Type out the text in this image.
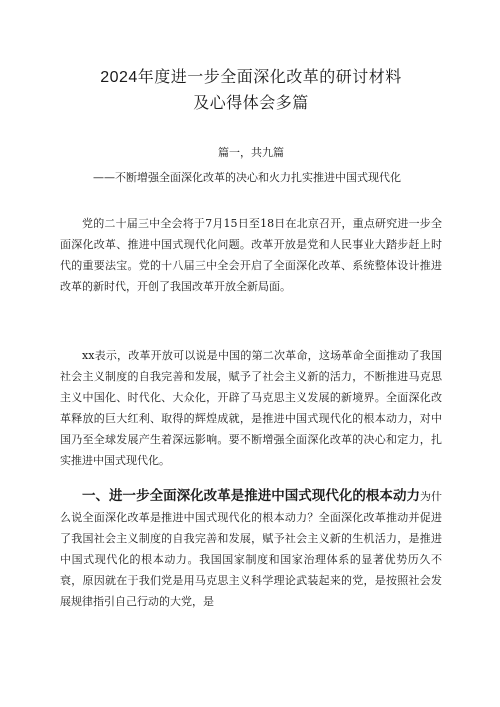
2024年度进一步全面深化改革的研讨材料
及心得体会多篇
篇一，共九篇
——不断增强全面深化改革的决心和火力扎实推进中国式现代化

党的二十届三中全会将于7月15日至18日在北京召开，重点研究进一步全面深化改革、推进中国式现代化问题。改革开放是党和人民事业大踏步赶上时代的重要法宝。党的十八届三中全会开启了全面深化改革、系统整体设计推进改革的新时代，开创了我国改革开放全新局面。

xx表示，改革开放可以说是中国的第二次革命，这场革命全面推动了我国社会主义制度的自我完善和发展，赋予了社会主义新的活力，不断推进马克思主义中国化、时代化、大众化，开辟了马克思主义发展的新境界。全面深化改革释放的巨大红利、取得的辉煌成就，是推进中国式现代化的根本动力，对中国乃至全球发展产生着深远影响。要不断增强全面深化改革的决心和定力，扎实推进中国式现代化。

一、进一步全面深化改革是推进中国式现代化的根本动力为什么说全面深化改革是推进中国式现代化的根本动力？全面深化改革推动并促进了我国社会主义制度的自我完善和发展，赋予社会主义新的生机活力，是推进中国式现代化的根本动力。我国国家制度和国家治理体系的显著优势历久不衰，原因就在于我们党是用马克思主义科学理论武装起来的党，是按照社会发展规律指引自己行动的大党，是
